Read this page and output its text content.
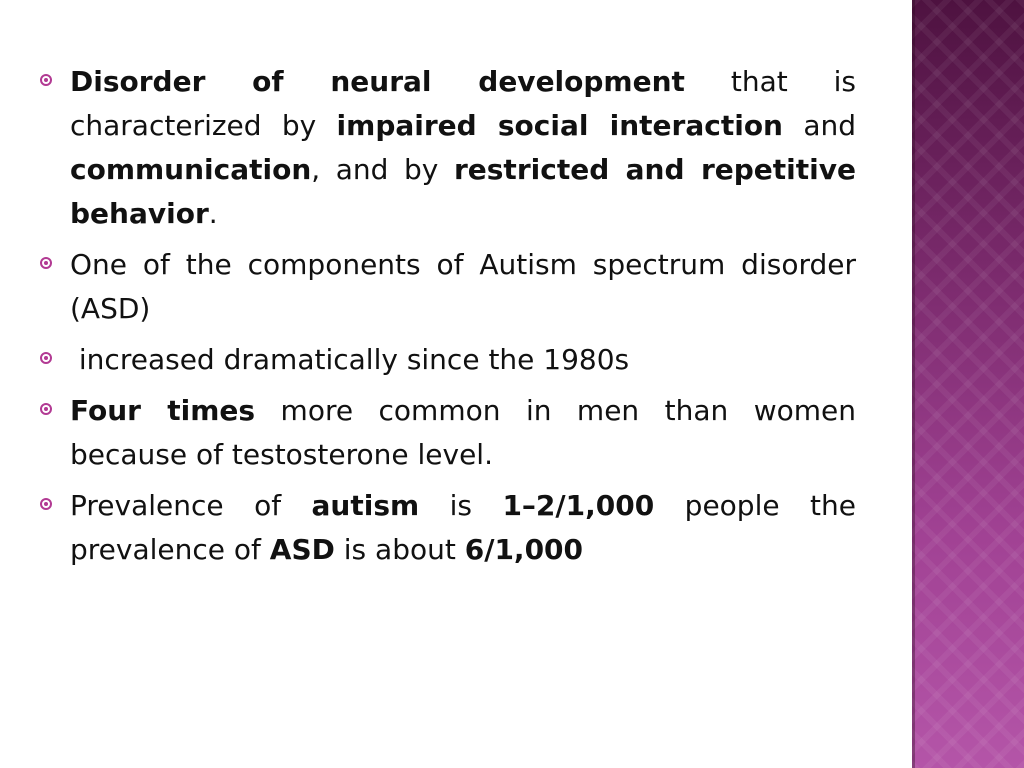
Disorder of neural development that is characterized by impaired social interaction and communication, and by restricted and repetitive behavior.
One of the components of Autism spectrum disorder (ASD)
increased dramatically since the 1980s
Four times more common in men than women because of testosterone level.
Prevalence of autism is 1–2/1,000 people the prevalence of ASD is about 6/1,000
